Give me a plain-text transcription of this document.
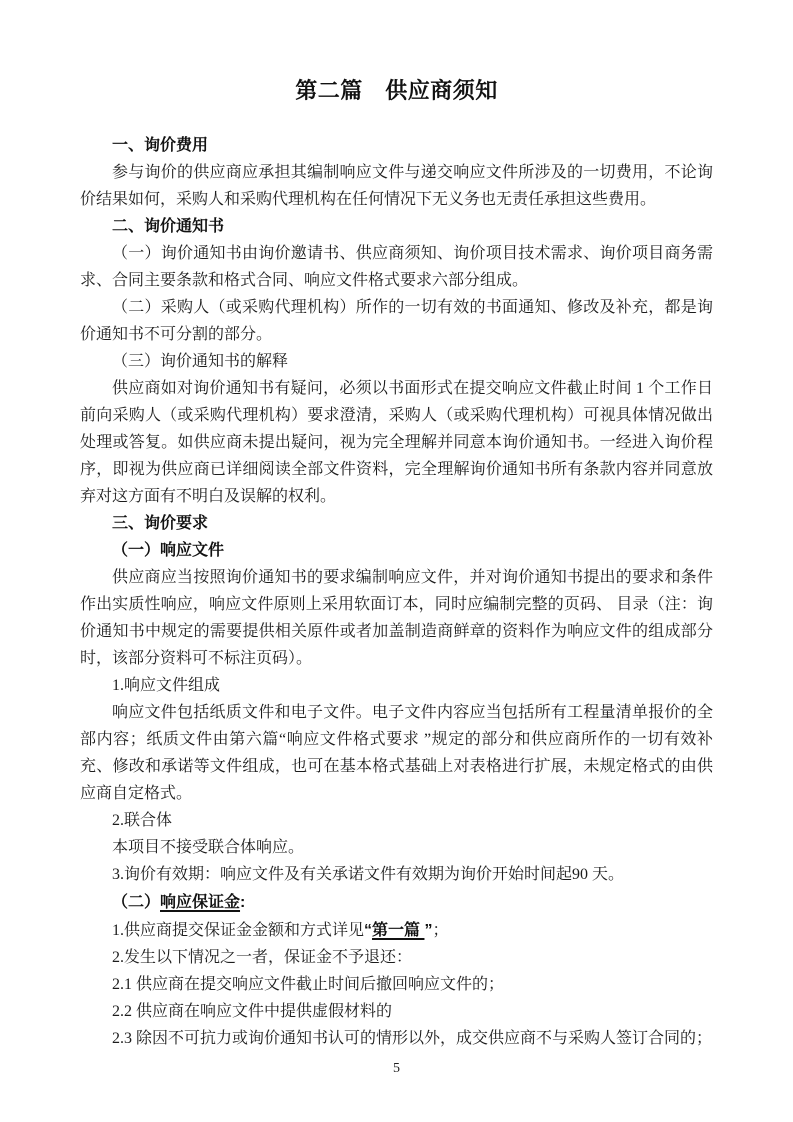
第二篇　供应商须知

一、询价费用

参与询价的供应商应承担其编制响应文件与递交响应文件所涉及的一切费用，不论询价结果如何，采购人和采购代理机构在任何情况下无义务也无责任承担这些费用。

二、询价通知书

（一）询价通知书由询价邀请书、供应商须知、询价项目技术需求、询价项目商务需求、合同主要条款和格式合同、响应文件格式要求六部分组成。

（二）采购人（或采购代理机构）所作的一切有效的书面通知、修改及补充，都是询价通知书不可分割的部分。

（三）询价通知书的解释

供应商如对询价通知书有疑问，必须以书面形式在提交响应文件截止时间 1 个工作日前向采购人（或采购代理机构）要求澄清，采购人（或采购代理机构）可视具体情况做出处理或答复。如供应商未提出疑问，视为完全理解并同意本询价通知书。一经进入询价程序，即视为供应商已详细阅读全部文件资料，完全理解询价通知书所有条款内容并同意放弃对这方面有不明白及误解的权利。

三、询价要求

（一）响应文件

供应商应当按照询价通知书的要求编制响应文件，并对询价通知书提出的要求和条件作出实质性响应，响应文件原则上采用软面订本，同时应编制完整的页码、 目录（注：询价通知书中规定的需要提供相关原件或者加盖制造商鲜章的资料作为响应文件的组成部分时，该部分资料可不标注页码）。

1.响应文件组成

响应文件包括纸质文件和电子文件。电子文件内容应当包括所有工程量清单报价的全部内容；纸质文件由第六篇“响应文件格式要求 ”规定的部分和供应商所作的一切有效补充、修改和承诺等文件组成，也可在基本格式基础上对表格进行扩展，未规定格式的由供应商自定格式。

2.联合体

本项目不接受联合体响应。

3.询价有效期：响应文件及有关承诺文件有效期为询价开始时间起90 天。

（二）响应保证金:

1.供应商提交保证金金额和方式详见“第一篇 ”；

2.发生以下情况之一者，保证金不予退还：

2.1 供应商在提交响应文件截止时间后撤回响应文件的；

2.2 供应商在响应文件中提供虚假材料的

2.3 除因不可抗力或询价通知书认可的情形以外，成交供应商不与采购人签订合同的；

5
